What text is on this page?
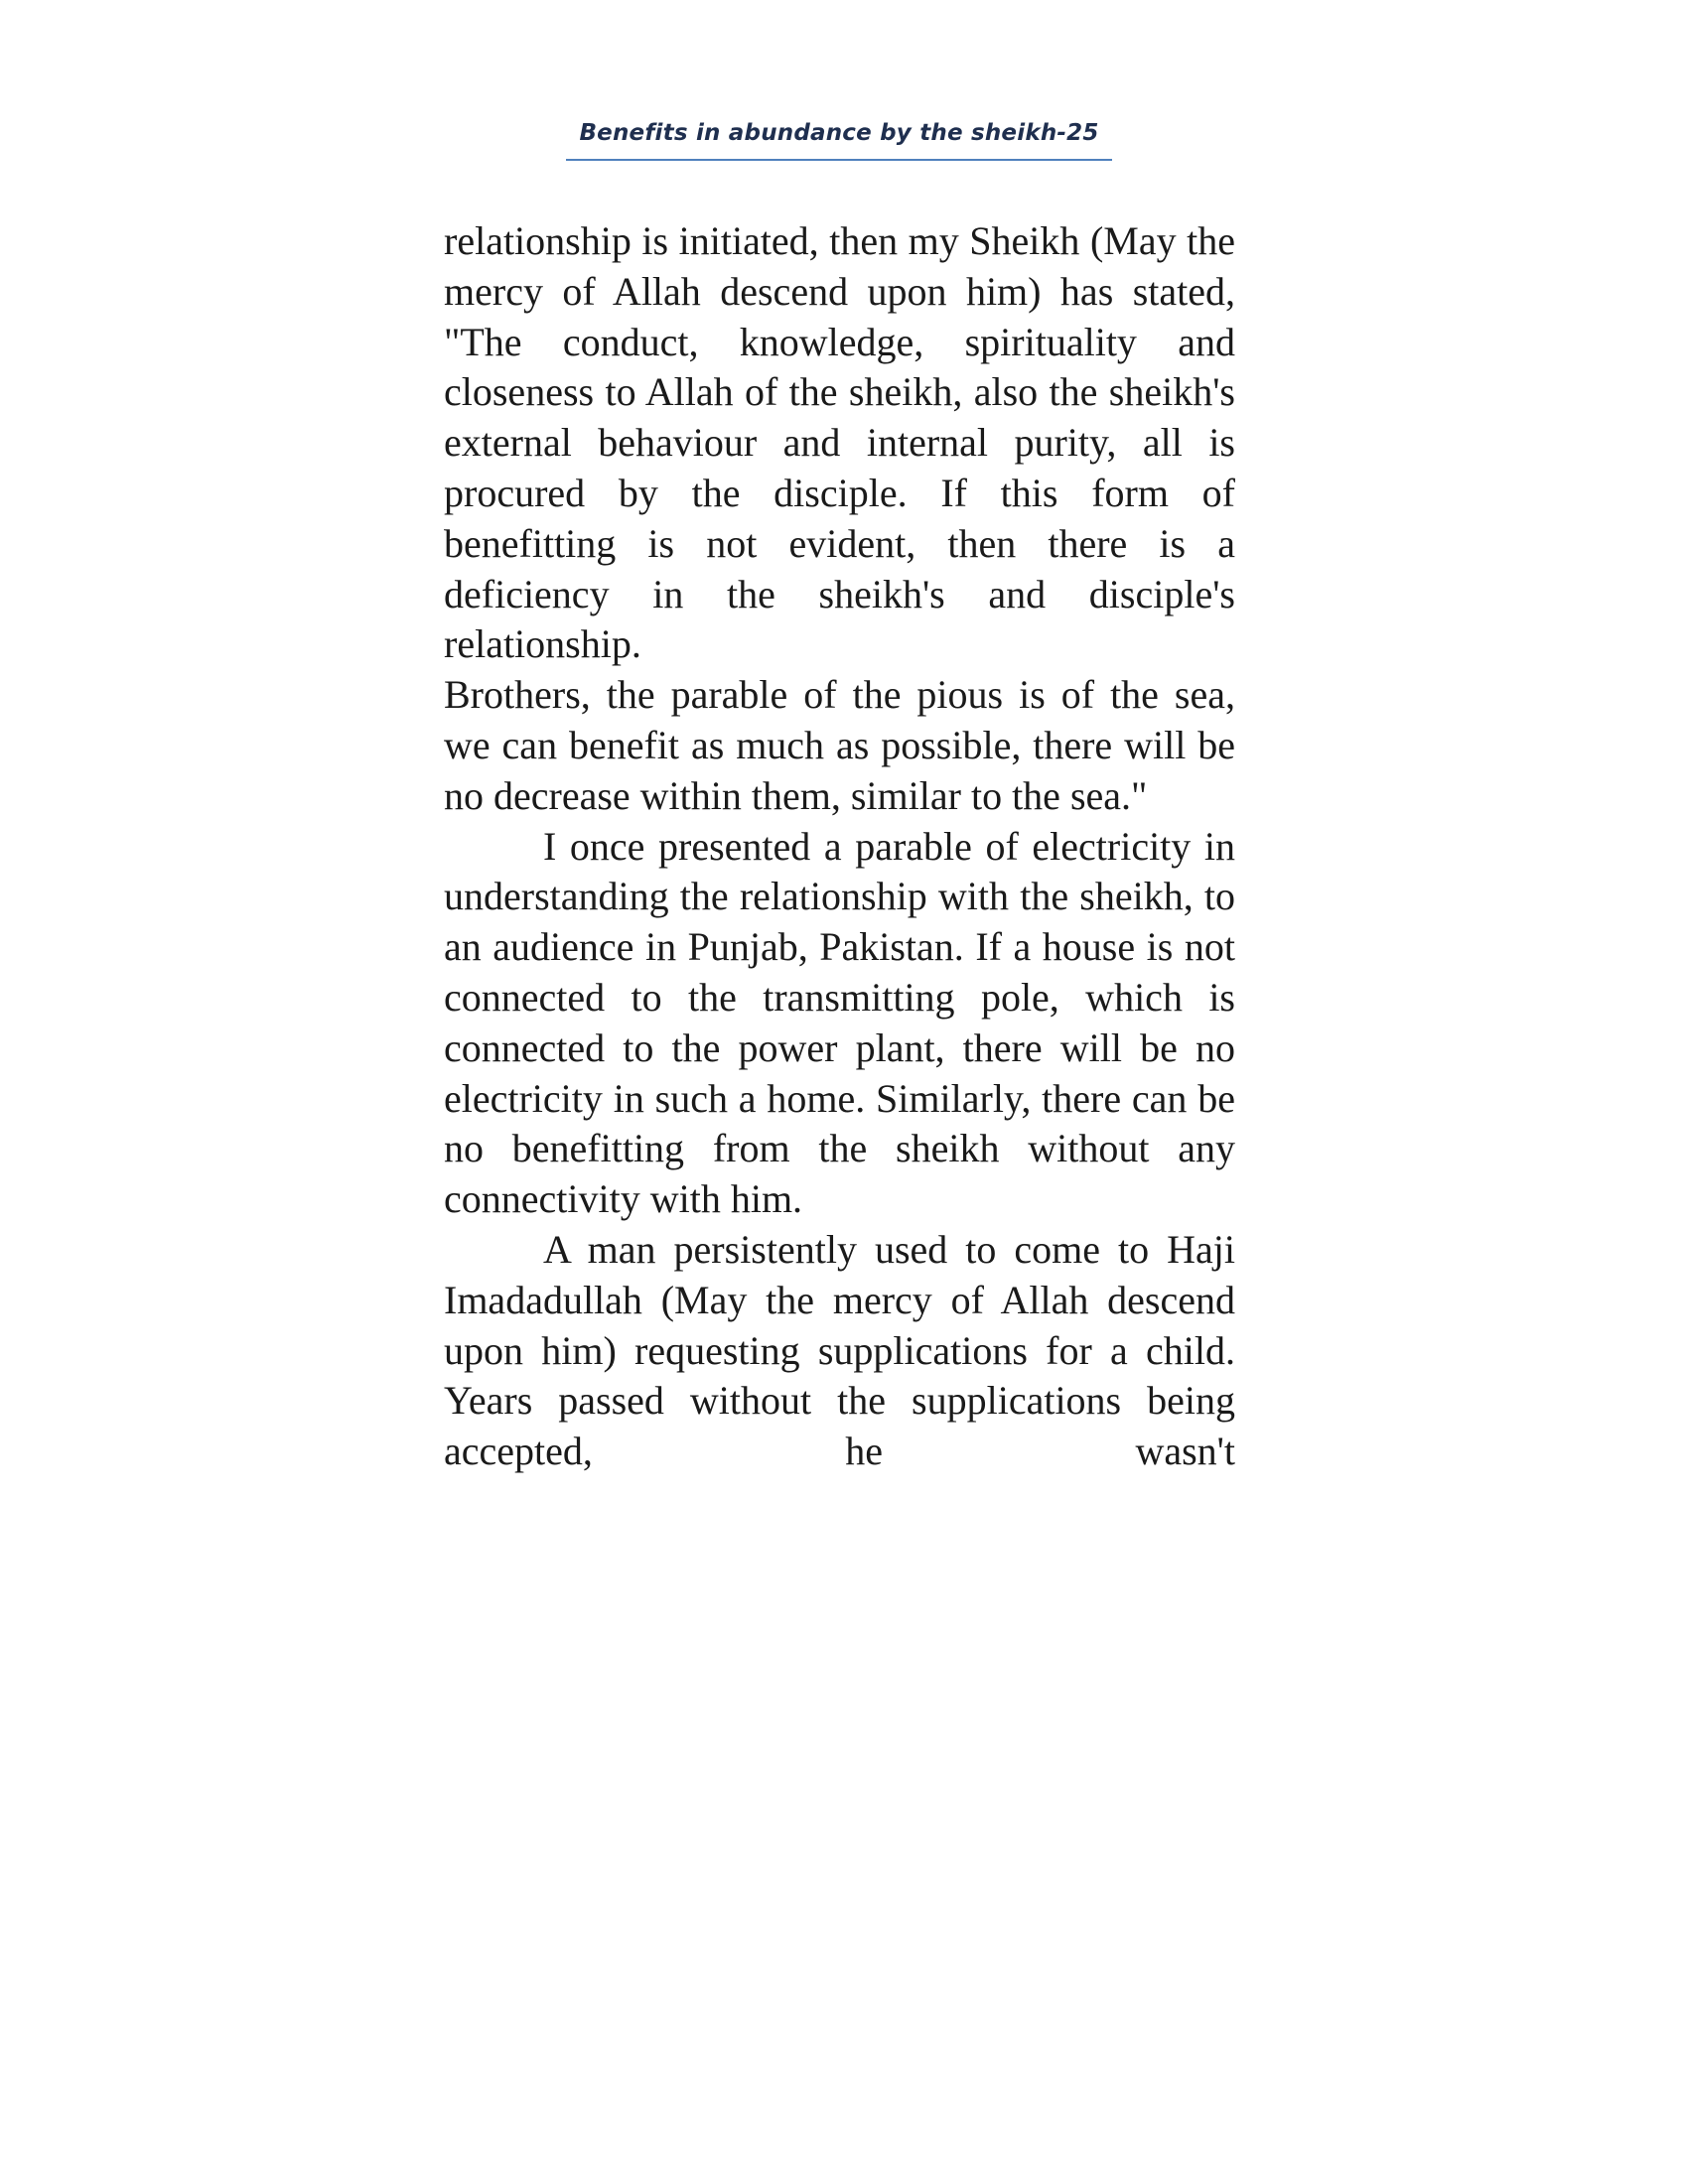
Benefits in abundance by the sheikh-25

relationship is initiated, then my Sheikh (May the mercy of Allah descend upon him) has stated, "The conduct, knowledge, spirituality and closeness to Allah of the sheikh, also the sheikh's external behaviour and internal purity, all is procured by the disciple. If this form of benefitting is not evident, then there is a deficiency in the sheikh's and disciple's relationship.

Brothers, the parable of the pious is of the sea, we can benefit as much as possible, there will be no decrease within them, similar to the sea."

I once presented a parable of electricity in understanding the relationship with the sheikh, to an audience in Punjab, Pakistan. If a house is not connected to the transmitting pole, which is connected to the power plant, there will be no electricity in such a home. Similarly, there can be no benefitting from the sheikh without any connectivity with him.

A man persistently used to come to Haji Imadadullah (May the mercy of Allah descend upon him) requesting supplications for a child. Years passed without the supplications being accepted, he wasn't
